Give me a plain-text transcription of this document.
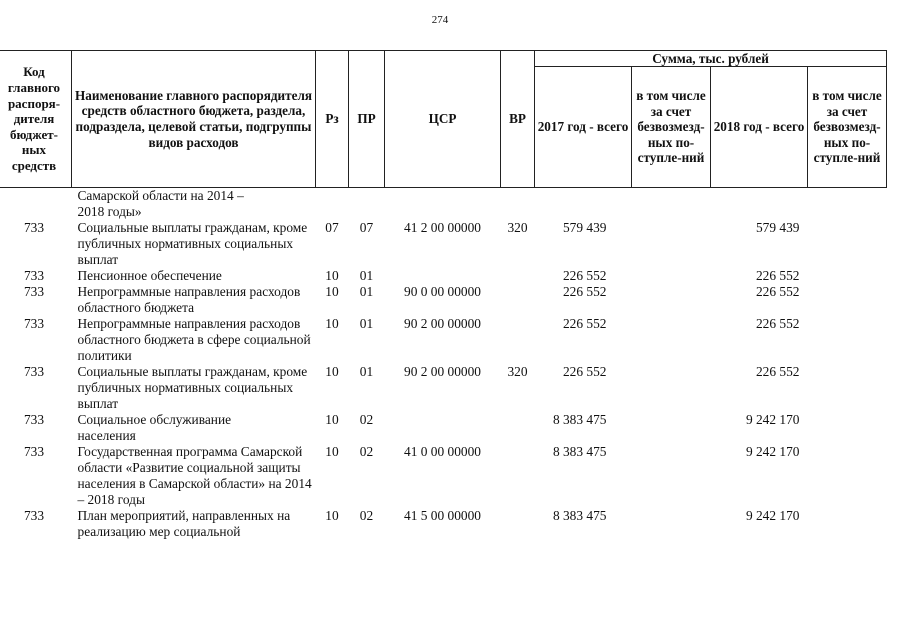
274
Код главного распоря-дителя бюджет-ных средств	Наименование главного распорядителя средств областного бюджета, раздела, подраздела, целевой статьи, подгруппы видов расходов	Рз	ПР	ЦСР	ВР	Сумма, тыс. рублей			
						2017 год - всего	в том числе за счет безвозмезд-ных по-ступле-ний	2018 год - всего	в том числе за счет безвозмезд-ных по-ступле-ний
	Самарской области на 2014 – 2018 годы»								
733	Социальные выплаты гражданам, кроме публичных нормативных социальных выплат	07	07	41 2 00 00000	320	579 439		579 439	
733	Пенсионное обеспечение	10	01			226 552		226 552	
733	Непрограммные направления расходов областного бюджета	10	01	90 0 00 00000		226 552		226 552	
733	Непрограммные направления расходов областного бюджета в сфере социальной политики	10	01	90 2 00 00000		226 552		226 552	
733	Социальные выплаты гражданам, кроме публичных нормативных социальных выплат	10	01	90 2 00 00000	320	226 552		226 552	
733	Социальное обслуживание населения	10	02			8 383 475		9 242 170	
733	Государственная программа Самарской области «Развитие социальной защиты населения в Самарской области» на 2014 – 2018 годы	10	02	41 0 00 00000		8 383 475		9 242 170	
733	План мероприятий, направленных на реализацию мер социальной	10	02	41 5 00 00000		8 383 475		9 242 170	
